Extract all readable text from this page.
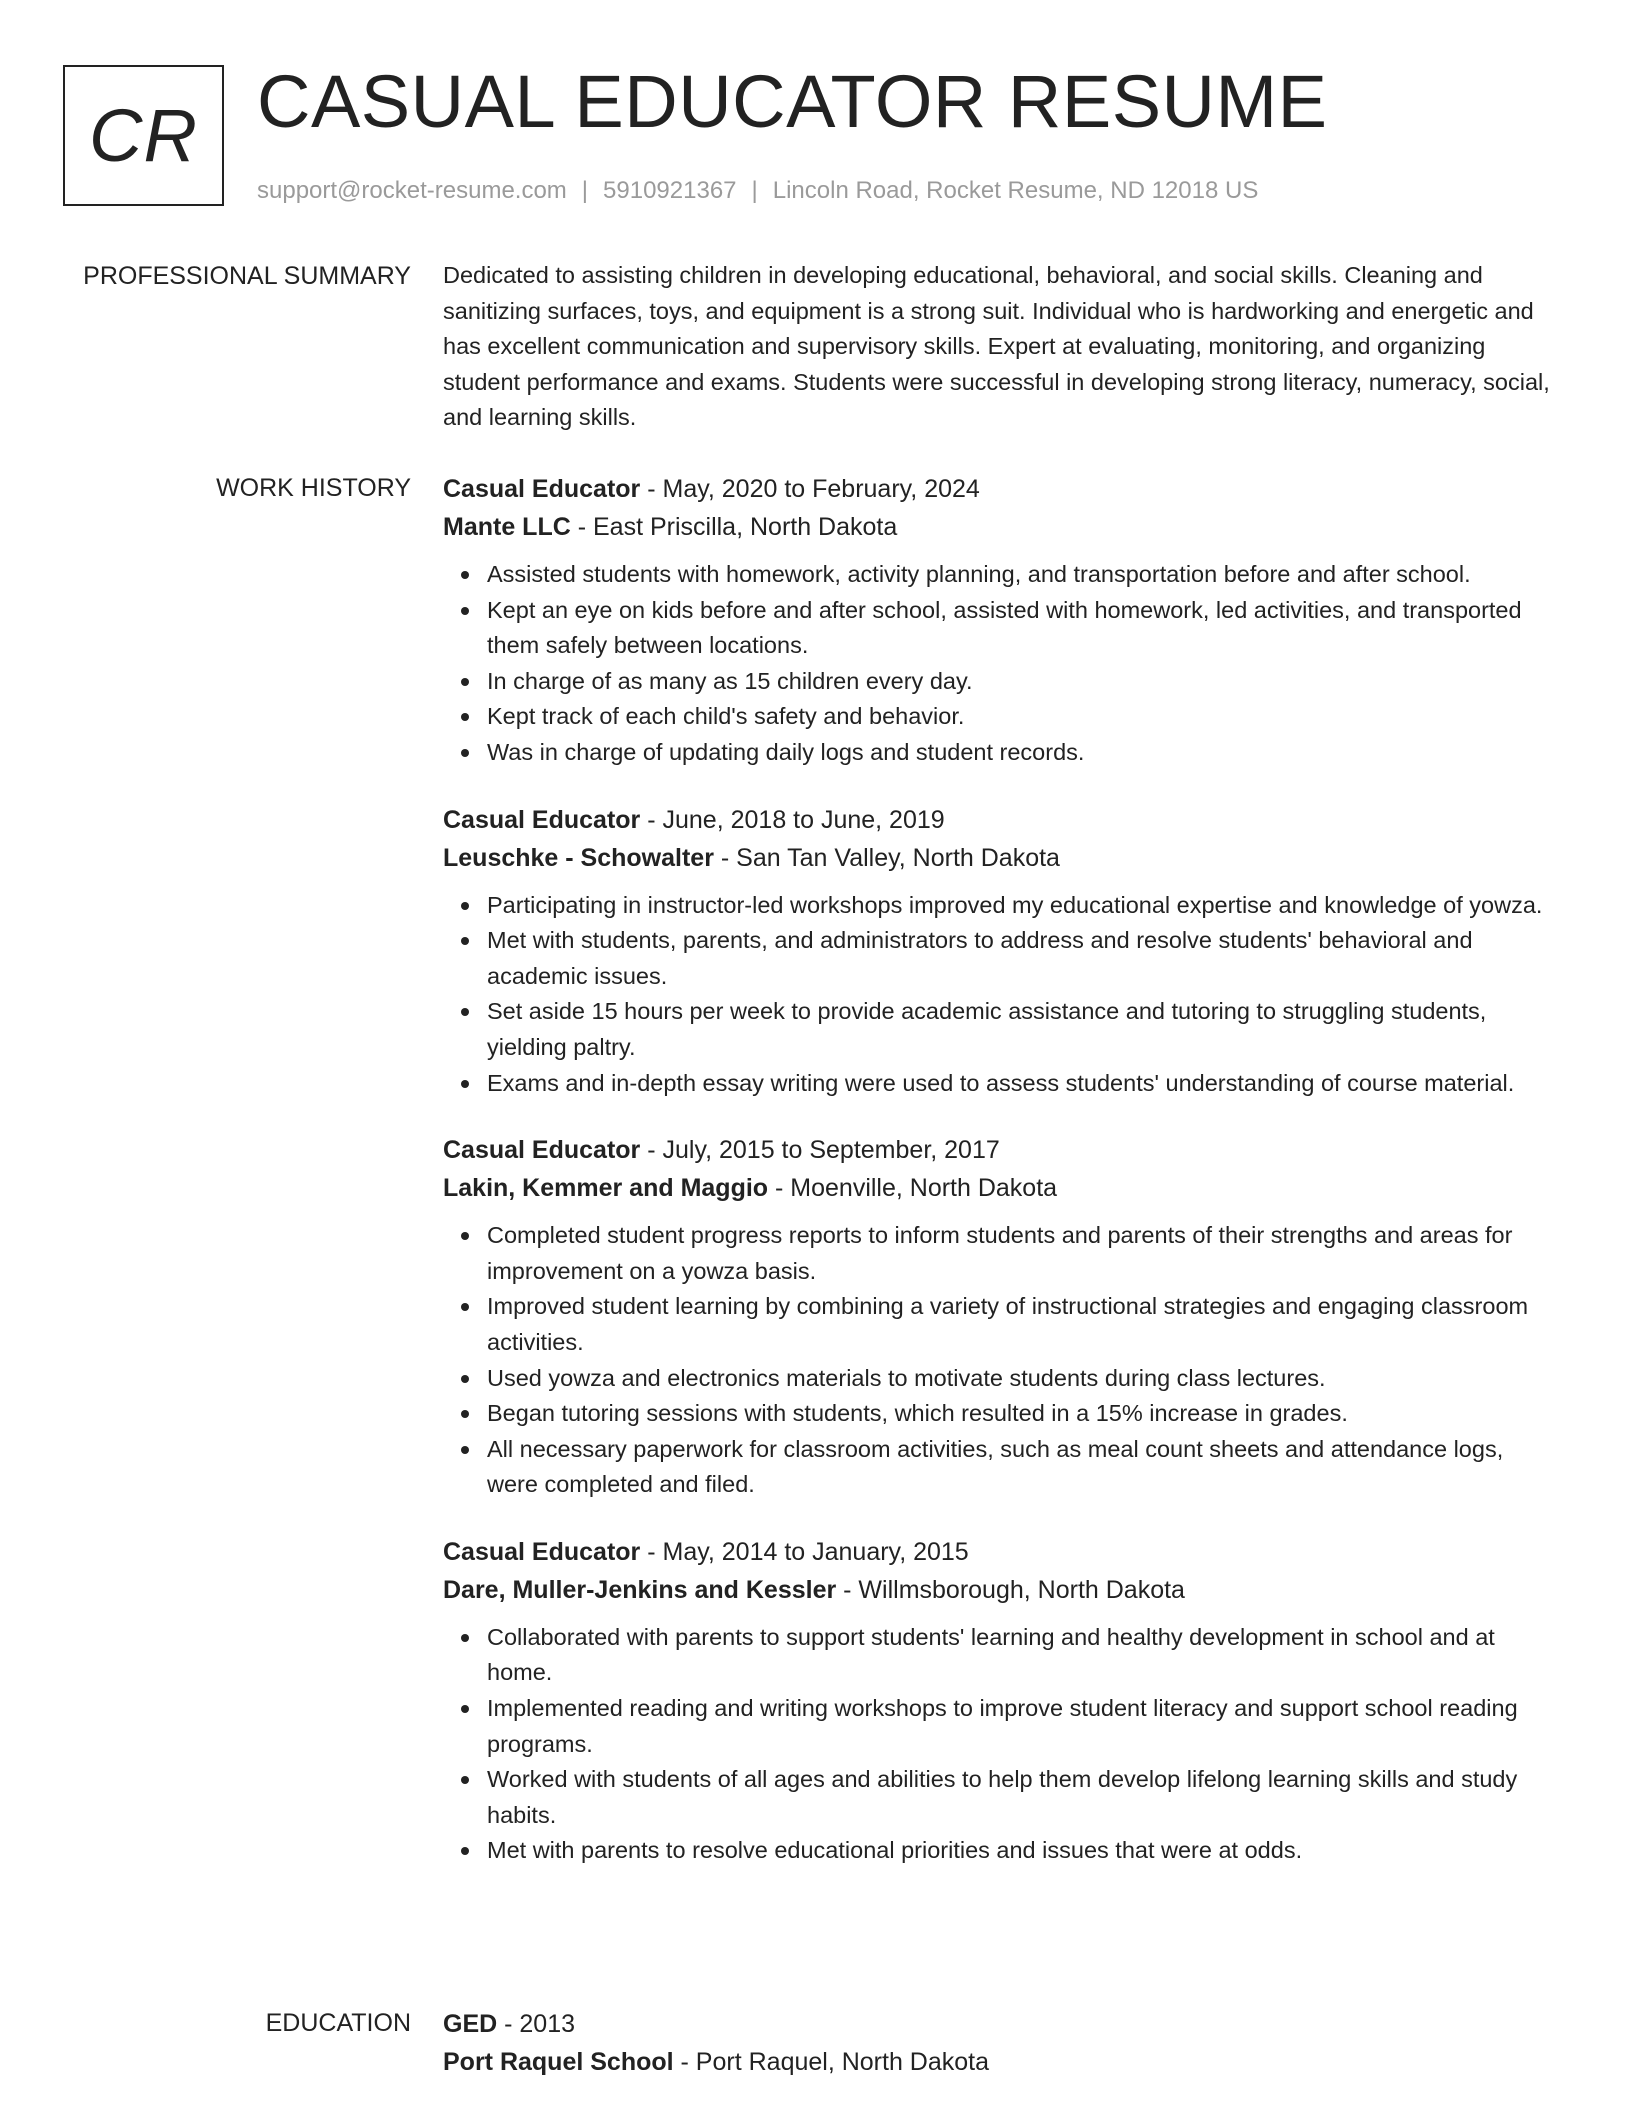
CR CASUAL EDUCATOR RESUME
support@rocket-resume.com | 5910921367 | Lincoln Road, Rocket Resume, ND 12018 US
PROFESSIONAL SUMMARY Dedicated to assisting children in developing educational, behavioral, and social skills. Cleaning and sanitizing surfaces, toys, and equipment is a strong suit. Individual who is hardworking and energetic and has excellent communication and supervisory skills. Expert at evaluating, monitoring, and organizing student performance and exams. Students were successful in developing strong literacy, numeracy, social, and learning skills.

WORK HISTORY Casual Educator - May, 2020 to February, 2024
Mante LLC - East Priscilla, North Dakota
Assisted students with homework, activity planning, and transportation before and after school.
Kept an eye on kids before and after school, assisted with homework, led activities, and transported them safely between locations.
In charge of as many as 15 children every day.
Kept track of each child's safety and behavior.
Was in charge of updating daily logs and student records.
Casual Educator - June, 2018 to June, 2019
Leuschke - Schowalter - San Tan Valley, North Dakota
Participating in instructor-led workshops improved my educational expertise and knowledge of yowza.
Met with students, parents, and administrators to address and resolve students' behavioral and academic issues.
Set aside 15 hours per week to provide academic assistance and tutoring to struggling students, yielding paltry.
Exams and in-depth essay writing were used to assess students' understanding of course material.
Casual Educator - July, 2015 to September, 2017
Lakin, Kemmer and Maggio - Moenville, North Dakota
Completed student progress reports to inform students and parents of their strengths and areas for improvement on a yowza basis.
Improved student learning by combining a variety of instructional strategies and engaging classroom activities.
Used yowza and electronics materials to motivate students during class lectures.
Began tutoring sessions with students, which resulted in a 15% increase in grades.
All necessary paperwork for classroom activities, such as meal count sheets and attendance logs, were completed and filed.
Casual Educator - May, 2014 to January, 2015
Dare, Muller-Jenkins and Kessler - Willmsborough, North Dakota
Collaborated with parents to support students' learning and healthy development in school and at home.
Implemented reading and writing workshops to improve student literacy and support school reading programs.
Worked with students of all ages and abilities to help them develop lifelong learning skills and study habits.
Met with parents to resolve educational priorities and issues that were at odds.
EDUCATION GED - 2013
Port Raquel School - Port Raquel, North Dakota
